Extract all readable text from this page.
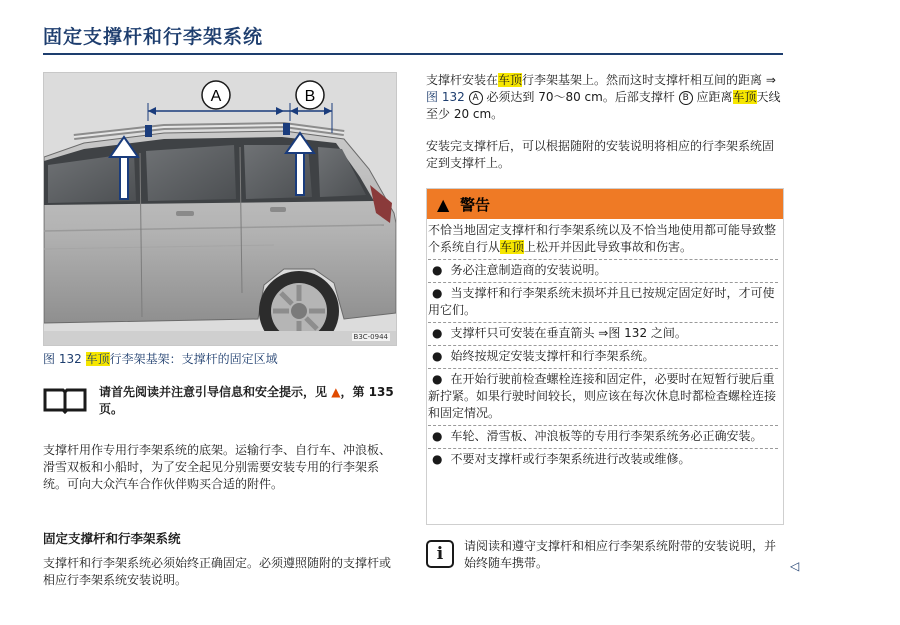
固定支撑杆和行李架系统
A	B
B3C-0944
图 132 车顶行李架基架：支撑杆的固定区域
请首先阅读并注意引导信息和安全提示，见 ▲，第 135 页。
支撑杆用作专用行李架系统的底架。运输行李、自行车、冲浪板、滑雪双板和小船时，为了安全起见分别需要安装专用的行李架系统。可向大众汽车合作伙伴购买合适的附件。
固定支撑杆和行李架系统
支撑杆和行李架系统必须始终正确固定。必须遵照随附的支撑杆或相应行李架系统安装说明。
支撑杆安装在车顶行李架基架上。然而这时支撑杆相互间的距离 ⇒图 132 A 必须达到 70～80 cm。后部支撑杆 B 应距离车顶天线至少 20 cm。
安装完支撑杆后，可以根据随附的安装说明将相应的行李架系统固定到支撑杆上。
▲ 警告
不恰当地固定支撑杆和行李架系统以及不恰当地使用都可能导致整个系统自行从车顶上松开并因此导致事故和伤害。
● 务必注意制造商的安装说明。
● 当支撑杆和行李架系统未损坏并且已按规定固定好时，才可使用它们。
● 支撑杆只可安装在垂直箭头 ⇒图 132 之间。
● 始终按规定安装支撑杆和行李架系统。
● 在开始行驶前检查螺栓连接和固定件，必要时在短暂行驶后重新拧紧。如果行驶时间较长，则应该在每次休息时都检查螺栓连接和固定情况。
● 车轮、滑雪板、冲浪板等的专用行李架系统务必正确安装。
● 不要对支撑杆或行李架系统进行改装或维修。
i	请阅读和遵守支撑杆和相应行李架系统附带的安装说明，并始终随车携带。	◁
